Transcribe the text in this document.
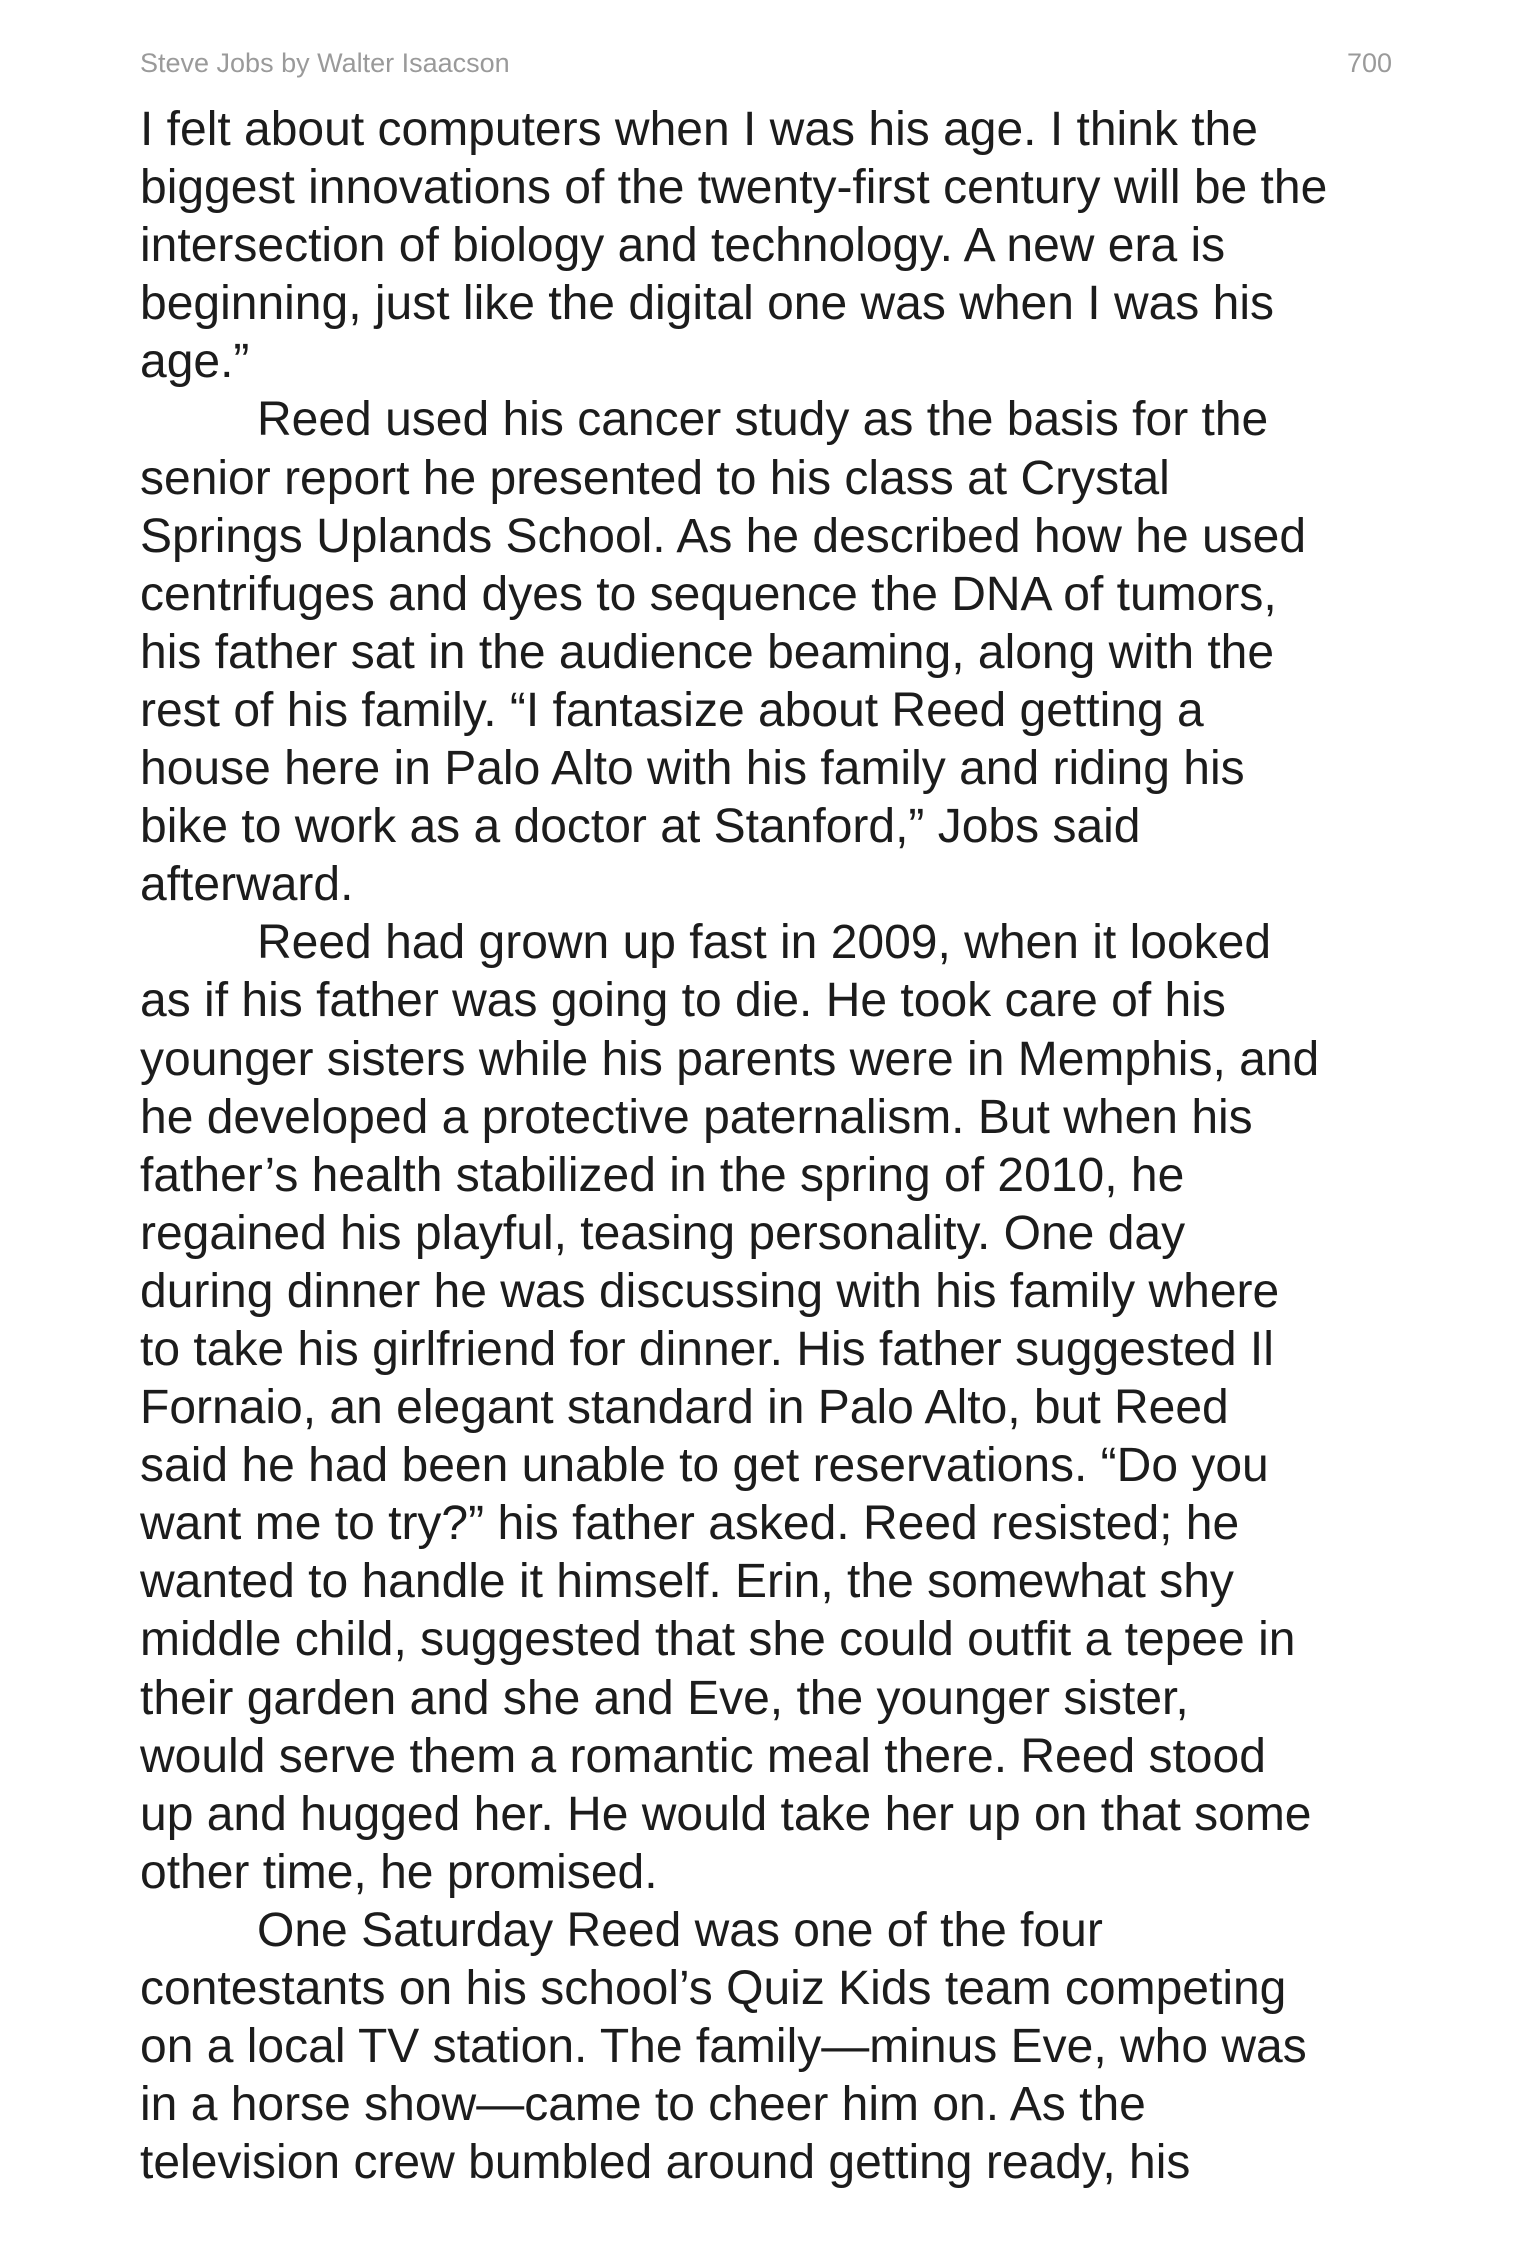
Steve Jobs by Walter Isaacson	700
I felt about computers when I was his age. I think the
biggest innovations of the twenty-first century will be the
intersection of biology and technology. A new era is
beginning, just like the digital one was when I was his
age.”
Reed used his cancer study as the basis for the
senior report he presented to his class at Crystal
Springs Uplands School. As he described how he used
centrifuges and dyes to sequence the DNA of tumors,
his father sat in the audience beaming, along with the
rest of his family. “I fantasize about Reed getting a
house here in Palo Alto with his family and riding his
bike to work as a doctor at Stanford,” Jobs said
afterward.
Reed had grown up fast in 2009, when it looked
as if his father was going to die. He took care of his
younger sisters while his parents were in Memphis, and
he developed a protective paternalism. But when his
father’s health stabilized in the spring of 2010, he
regained his playful, teasing personality. One day
during dinner he was discussing with his family where
to take his girlfriend for dinner. His father suggested Il
Fornaio, an elegant standard in Palo Alto, but Reed
said he had been unable to get reservations. “Do you
want me to try?” his father asked. Reed resisted; he
wanted to handle it himself. Erin, the somewhat shy
middle child, suggested that she could outfit a tepee in
their garden and she and Eve, the younger sister,
would serve them a romantic meal there. Reed stood
up and hugged her. He would take her up on that some
other time, he promised.
One Saturday Reed was one of the four
contestants on his school’s Quiz Kids team competing
on a local TV station. The family—minus Eve, who was
in a horse show—came to cheer him on. As the
television crew bumbled around getting ready, his
